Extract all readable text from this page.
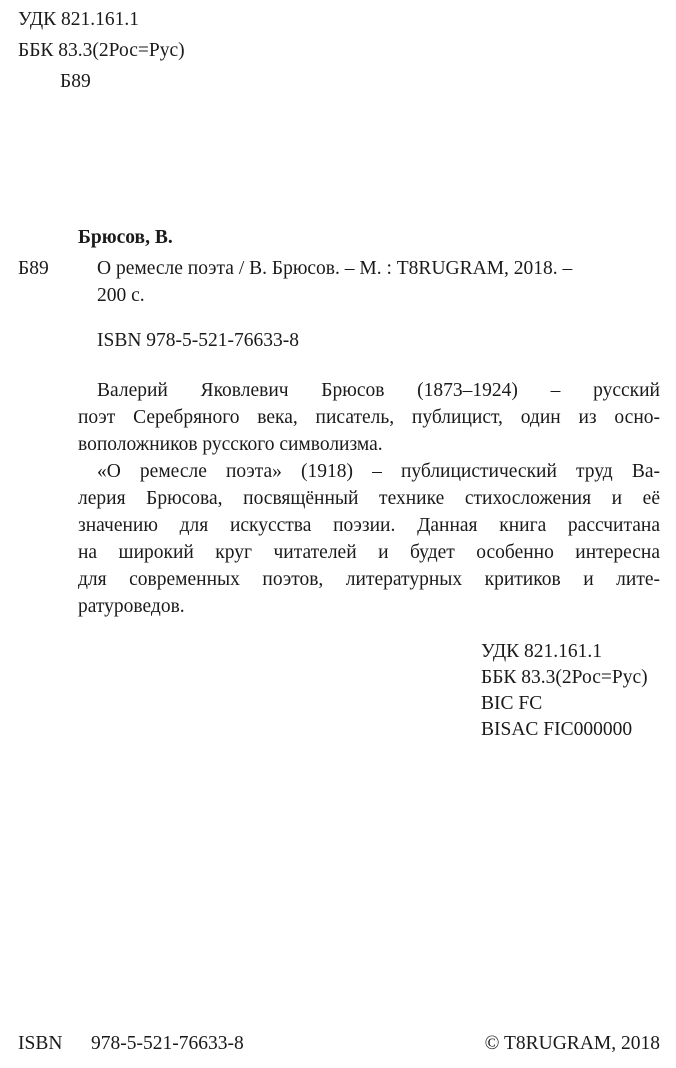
УДК 821.161.1
ББК 83.3(2Рос=Рус)
Б89
Брюсов, В.
Б89 О ремесле поэта / В. Брюсов. – М. : T8RUGRAM, 2018. –
200 с.
ISBN 978-5-521-76633-8
Валерий Яковлевич Брюсов (1873–1924) – русский
поэт Серебряного века, писатель, публицист, один из осно-
воположников русского символизма.
«О ремесле поэта» (1918) – публицистический труд Ва-
лерия Брюсова, посвящённый технике стихосложения и её
значению для искусства поэзии. Данная книга рассчитана
на широкий круг читателей и будет особенно интересна
для современных поэтов, литературных критиков и лите-
ратуроведов.
УДК 821.161.1
ББК 83.3(2Рос=Рус)
BIC FC
BISAC FIC000000
ISBN 978-5-521-76633-8	© T8RUGRAM, 2018
